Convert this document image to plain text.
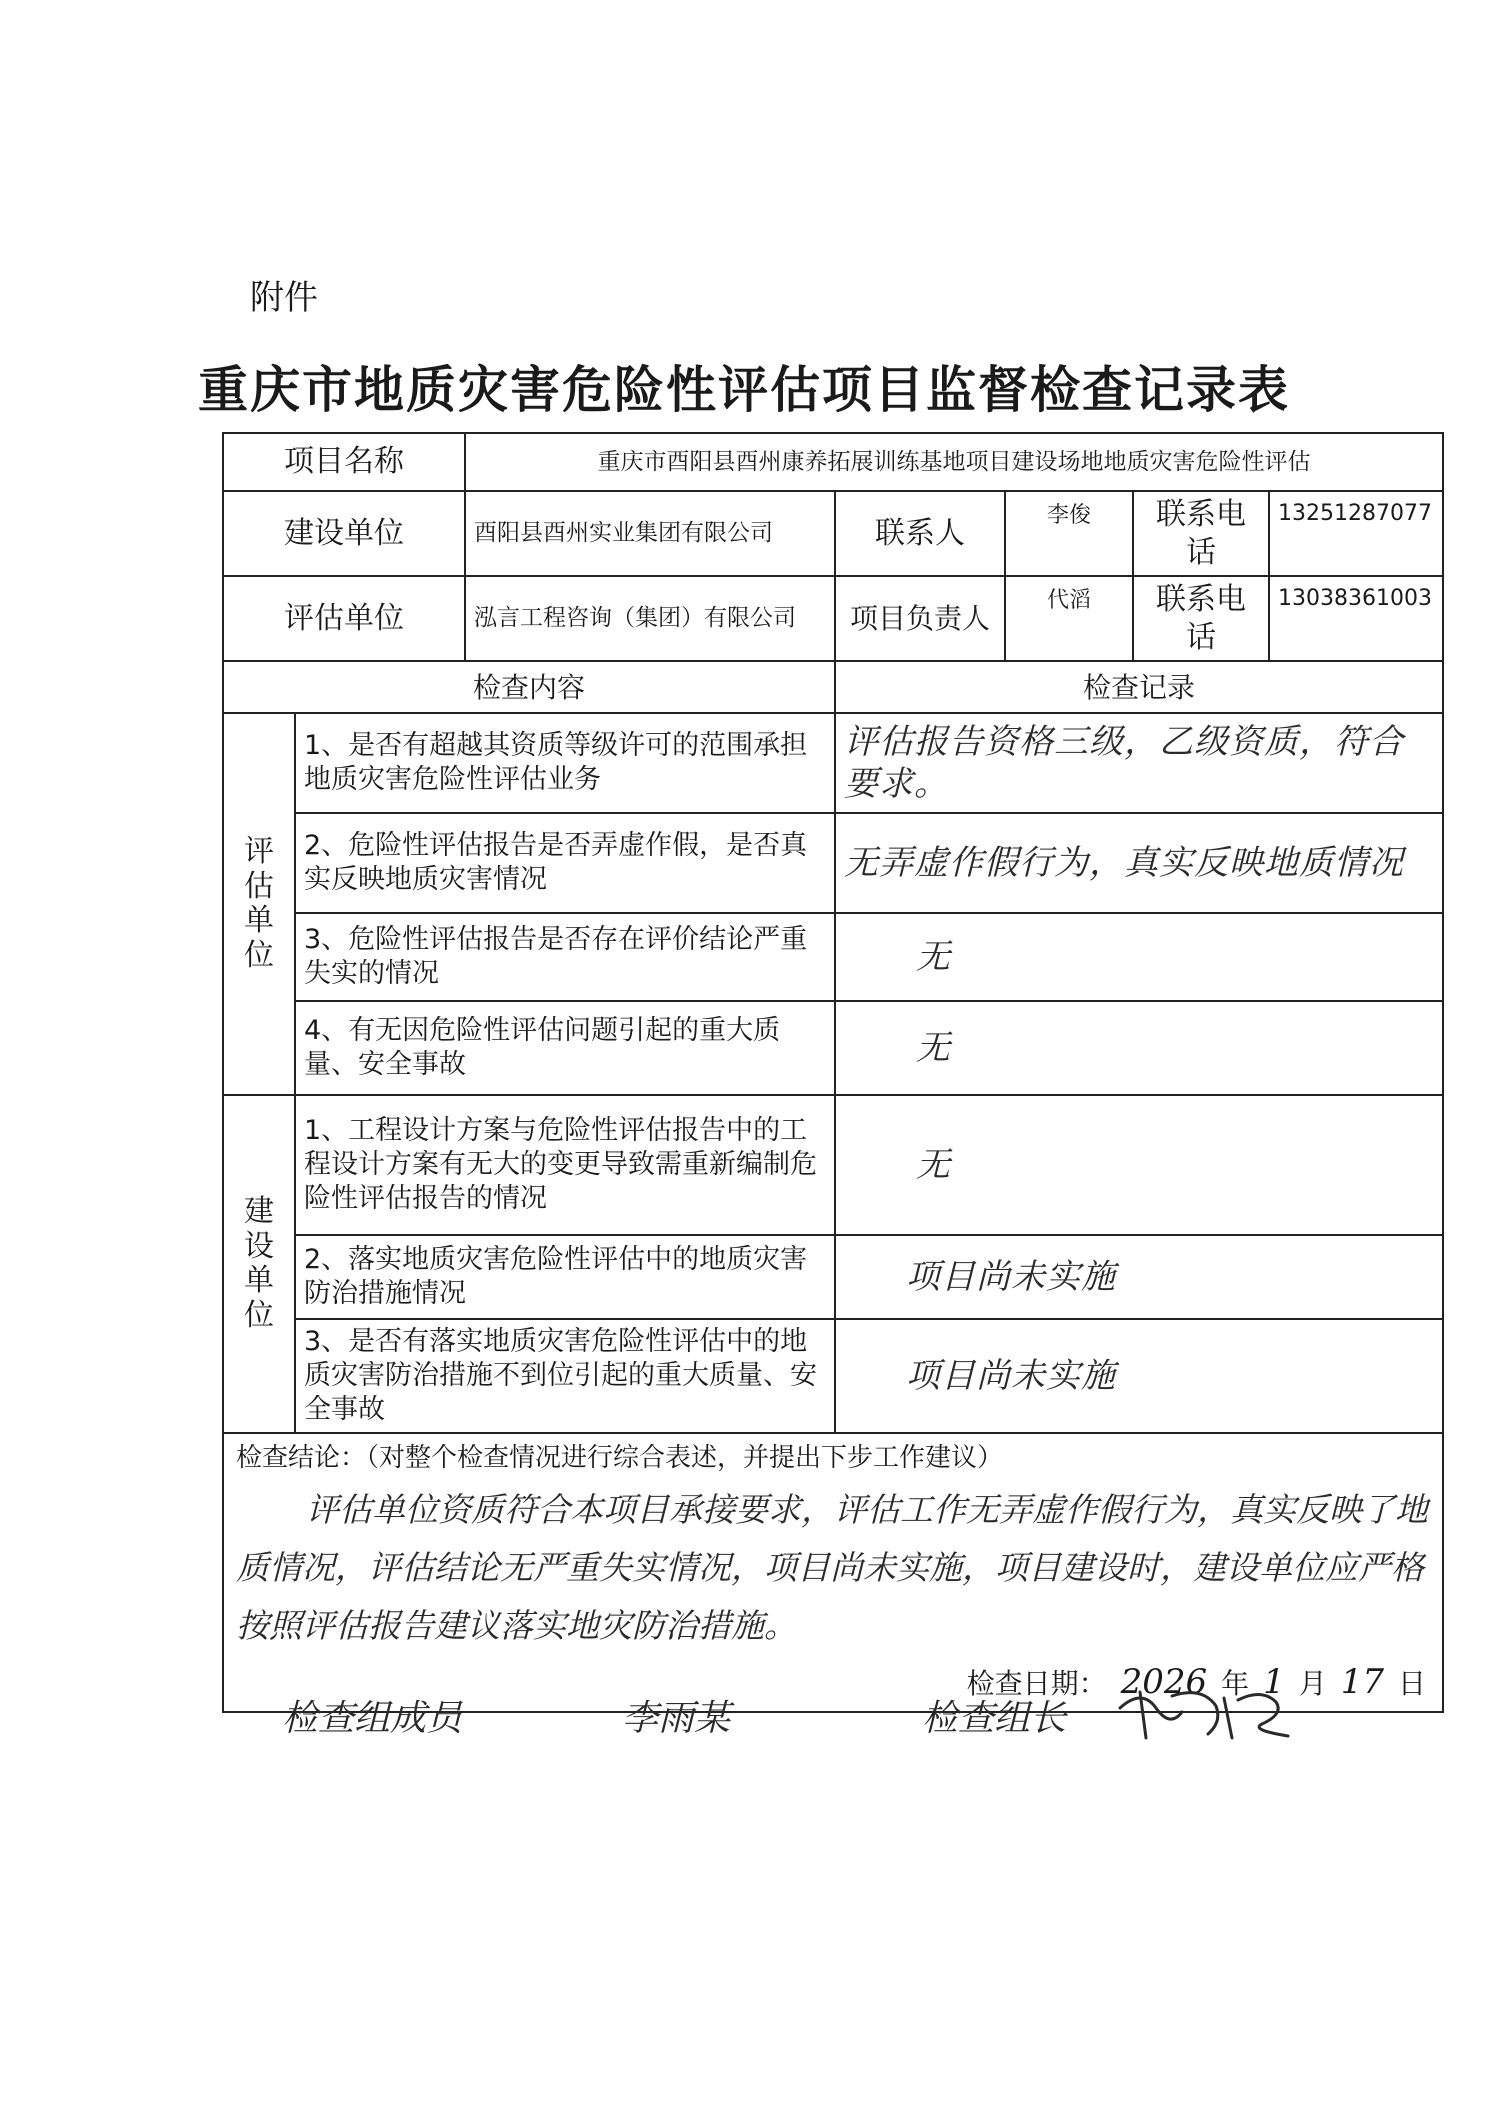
附件
重庆市地质灾害危险性评估项目监督检查记录表
项目名称		重庆市酉阳县酉州康养拓展训练基地项目建设场地地质灾害危险性评估				
建设单位		酉阳县酉州实业集团有限公司	联系人	李俊	联系电话	13251287077
评估单位		泓言工程咨询（集团）有限公司	项目负责人	代滔	联系电话	13038361003
检查内容			检查记录			

评
估
单
位	1、是否有超越其资质等级许可的范围承担地质灾害危险性评估业务		评估报告资格三级，乙级资质，符合要求。			
	2、危险性评估报告是否弄虚作假，是否真实反映地质灾害情况		无弄虚作假行为，真实反映地质情况			
	3、危险性评估报告是否存在评价结论严重失实的情况		无			
	4、有无因危险性评估问题引起的重大质量、安全事故		无			

建
设
单
位	1、工程设计方案与危险性评估报告中的工程设计方案有无大的变更导致需重新编制危险性评估报告的情况		无			
	2、落实地质灾害危险性评估中的地质灾害防治措施情况		项目尚未实施			
	3、是否有落实地质灾害危险性评估中的地质灾害防治措施不到位引起的重大质量、安全事故		项目尚未实施			

检查结论：（对整个检查情况进行综合表述，并提出下步工作建议）
评估单位资质符合本项目承接要求，评估工作无弄虚作假行为，真实反映了地质情况，评估结论无严重失实情况，项目尚未实施，项目建设时，建设单位应严格按照评估报告建议落实地灾防治措施。
检查日期： 2026 年 1 月 17 日						
检查组成员	李雨某	检查组长
